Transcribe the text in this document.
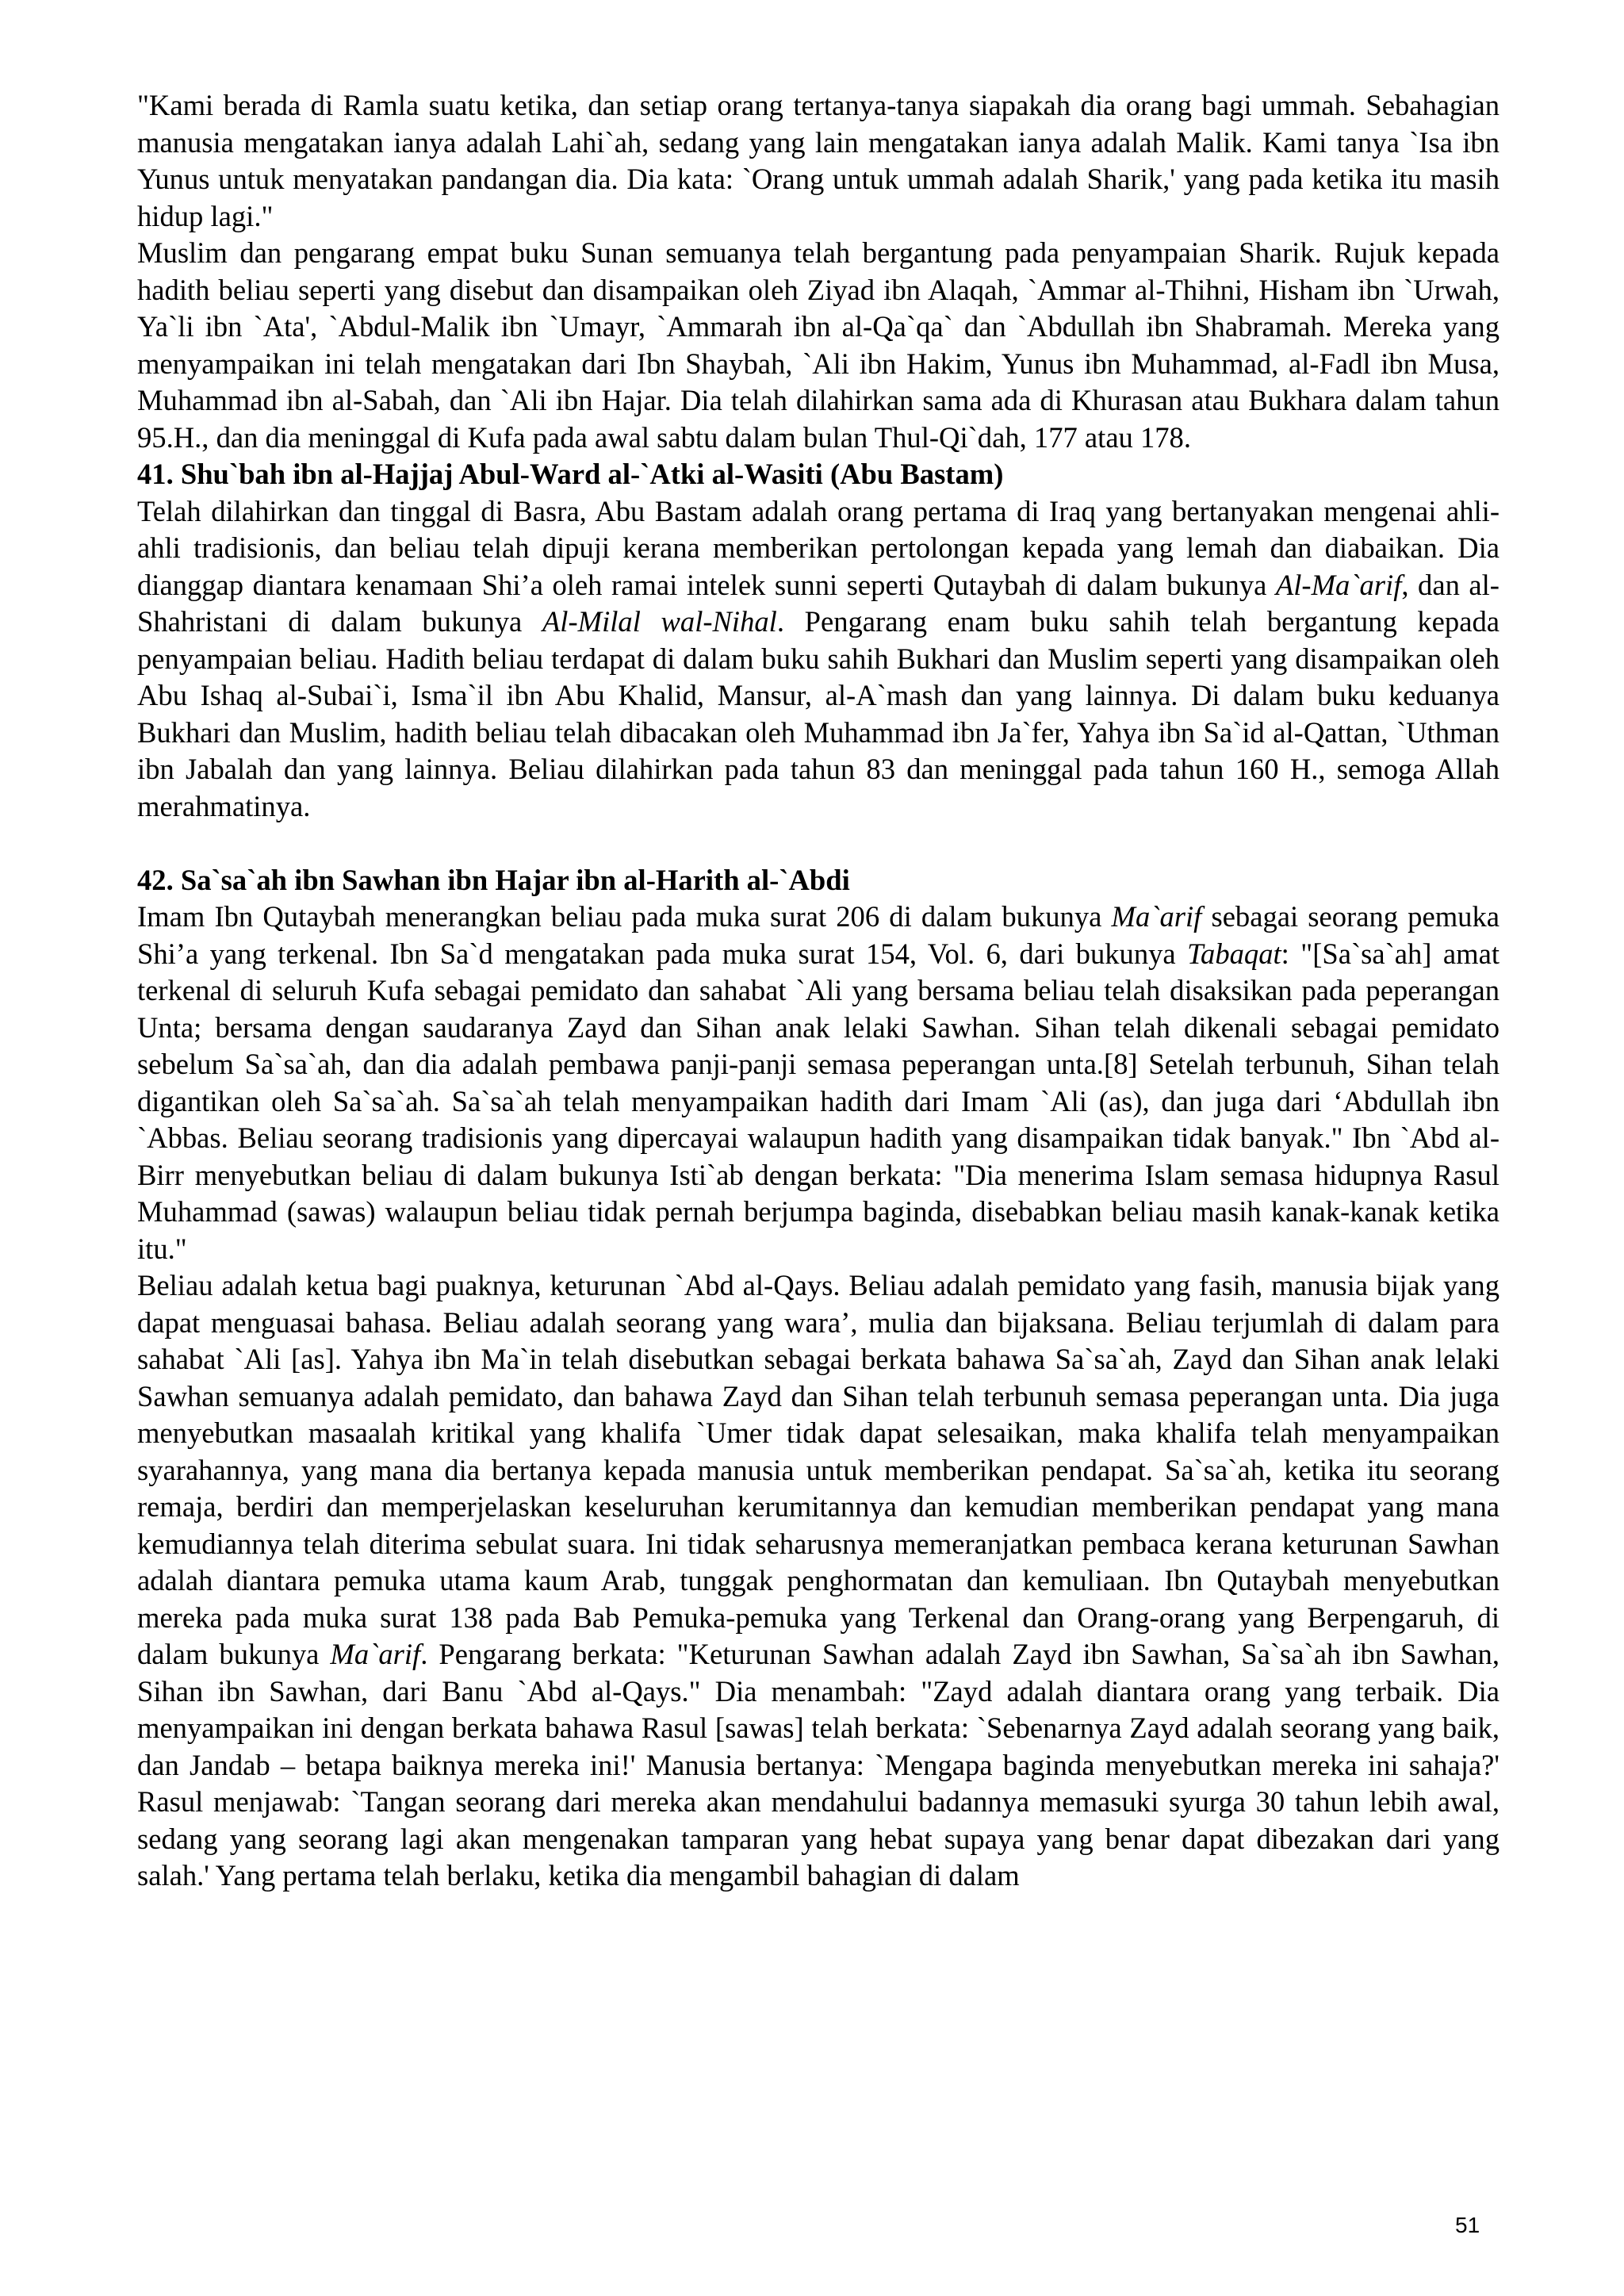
"Kami berada di Ramla suatu ketika, dan setiap orang tertanya-tanya siapakah dia orang bagi ummah. Sebahagian manusia mengatakan ianya adalah Lahi`ah, sedang yang lain mengatakan ianya adalah Malik. Kami tanya `Isa ibn Yunus untuk menyatakan pandangan dia. Dia kata: `Orang untuk ummah adalah Sharik,' yang pada ketika itu masih hidup lagi."

Muslim dan pengarang empat buku Sunan semuanya telah bergantung pada penyampaian Sharik. Rujuk kepada hadith beliau seperti yang disebut dan disampaikan oleh Ziyad ibn Alaqah, `Ammar al-Thihni, Hisham ibn `Urwah, Ya`li ibn `Ata', `Abdul-Malik ibn `Umayr, `Ammarah ibn al-Qa`qa` dan `Abdullah ibn Shabramah. Mereka yang menyampaikan ini telah mengatakan dari Ibn Shaybah, `Ali ibn Hakim, Yunus ibn Muhammad, al-Fadl ibn Musa, Muhammad ibn al-Sabah, dan `Ali ibn Hajar. Dia telah dilahirkan sama ada di Khurasan atau Bukhara dalam tahun 95.H., dan dia meninggal di Kufa pada awal sabtu dalam bulan Thul-Qi`dah, 177 atau 178.

41. Shu`bah ibn al-Hajjaj Abul-Ward al-`Atki al-Wasiti (Abu Bastam)

Telah dilahirkan dan tinggal di Basra, Abu Bastam adalah orang pertama di Iraq yang bertanyakan mengenai ahli-ahli tradisionis, dan beliau telah dipuji kerana memberikan pertolongan kepada yang lemah dan diabaikan. Dia dianggap diantara kenamaan Shi’a oleh ramai intelek sunni seperti Qutaybah di dalam bukunya Al-Ma`arif, dan al-Shahristani di dalam bukunya Al-Milal wal-Nihal. Pengarang enam buku sahih telah bergantung kepada penyampaian beliau. Hadith beliau terdapat di dalam buku sahih Bukhari dan Muslim seperti yang disampaikan oleh Abu Ishaq al-Subai`i, Isma`il ibn Abu Khalid, Mansur, al-A`mash dan yang lainnya. Di dalam buku keduanya Bukhari dan Muslim, hadith beliau telah dibacakan oleh Muhammad ibn Ja`fer, Yahya ibn Sa`id al-Qattan, `Uthman ibn Jabalah dan yang lainnya. Beliau dilahirkan pada tahun 83 dan meninggal pada tahun 160 H., semoga Allah merahmatinya.

42. Sa`sa`ah ibn Sawhan ibn Hajar ibn al-Harith al-`Abdi

Imam Ibn Qutaybah menerangkan beliau pada muka surat 206 di dalam bukunya Ma`arif sebagai seorang pemuka Shi’a yang terkenal. Ibn Sa`d mengatakan pada muka surat 154, Vol. 6, dari bukunya Tabaqat: "[Sa`sa`ah] amat terkenal di seluruh Kufa sebagai pemidato dan sahabat `Ali yang bersama beliau telah disaksikan pada peperangan Unta; bersama dengan saudaranya Zayd dan Sihan anak lelaki Sawhan. Sihan telah dikenali sebagai pemidato sebelum Sa`sa`ah, dan dia adalah pembawa panji-panji semasa peperangan unta.[8] Setelah terbunuh, Sihan telah digantikan oleh Sa`sa`ah. Sa`sa`ah telah menyampaikan hadith dari Imam `Ali (as), dan juga dari ‘Abdullah ibn `Abbas. Beliau seorang tradisionis yang dipercayai walaupun hadith yang disampaikan tidak banyak." Ibn `Abd al-Birr menyebutkan beliau di dalam bukunya Isti`ab dengan berkata: "Dia menerima Islam semasa hidupnya Rasul Muhammad (sawas) walaupun beliau tidak pernah berjumpa baginda, disebabkan beliau masih kanak-kanak ketika itu."

Beliau adalah ketua bagi puaknya, keturunan `Abd al-Qays. Beliau adalah pemidato yang fasih, manusia bijak yang dapat menguasai bahasa. Beliau adalah seorang yang wara’, mulia dan bijaksana. Beliau terjumlah di dalam para sahabat `Ali [as]. Yahya ibn Ma`in telah disebutkan sebagai berkata bahawa Sa`sa`ah, Zayd dan Sihan anak lelaki Sawhan semuanya adalah pemidato, dan bahawa Zayd dan Sihan telah terbunuh semasa peperangan unta. Dia juga menyebutkan masaalah kritikal yang khalifa `Umer tidak dapat selesaikan, maka khalifa telah menyampaikan syarahannya, yang mana dia bertanya kepada manusia untuk memberikan pendapat. Sa`sa`ah, ketika itu seorang remaja, berdiri dan memperjelaskan keseluruhan kerumitannya dan kemudian memberikan pendapat yang mana kemudiannya telah diterima sebulat suara. Ini tidak seharusnya memeranjatkan pembaca kerana keturunan Sawhan adalah diantara pemuka utama kaum Arab, tunggak penghormatan dan kemuliaan. Ibn Qutaybah menyebutkan mereka pada muka surat 138 pada Bab Pemuka-pemuka yang Terkenal dan Orang-orang yang Berpengaruh, di dalam bukunya Ma`arif. Pengarang berkata: "Keturunan Sawhan adalah Zayd ibn Sawhan, Sa`sa`ah ibn Sawhan, Sihan ibn Sawhan, dari Banu `Abd al-Qays." Dia menambah: "Zayd adalah diantara orang yang terbaik. Dia menyampaikan ini dengan berkata bahawa Rasul [sawas] telah berkata: `Sebenarnya Zayd adalah seorang yang baik, dan Jandab – betapa baiknya mereka ini!' Manusia bertanya: `Mengapa baginda menyebutkan mereka ini sahaja?' Rasul menjawab: `Tangan seorang dari mereka akan mendahului badannya memasuki syurga 30 tahun lebih awal, sedang yang seorang lagi akan mengenakan tamparan yang hebat supaya yang benar dapat dibezakan dari yang salah.' Yang pertama telah berlaku, ketika dia mengambil bahagian di dalam

51
